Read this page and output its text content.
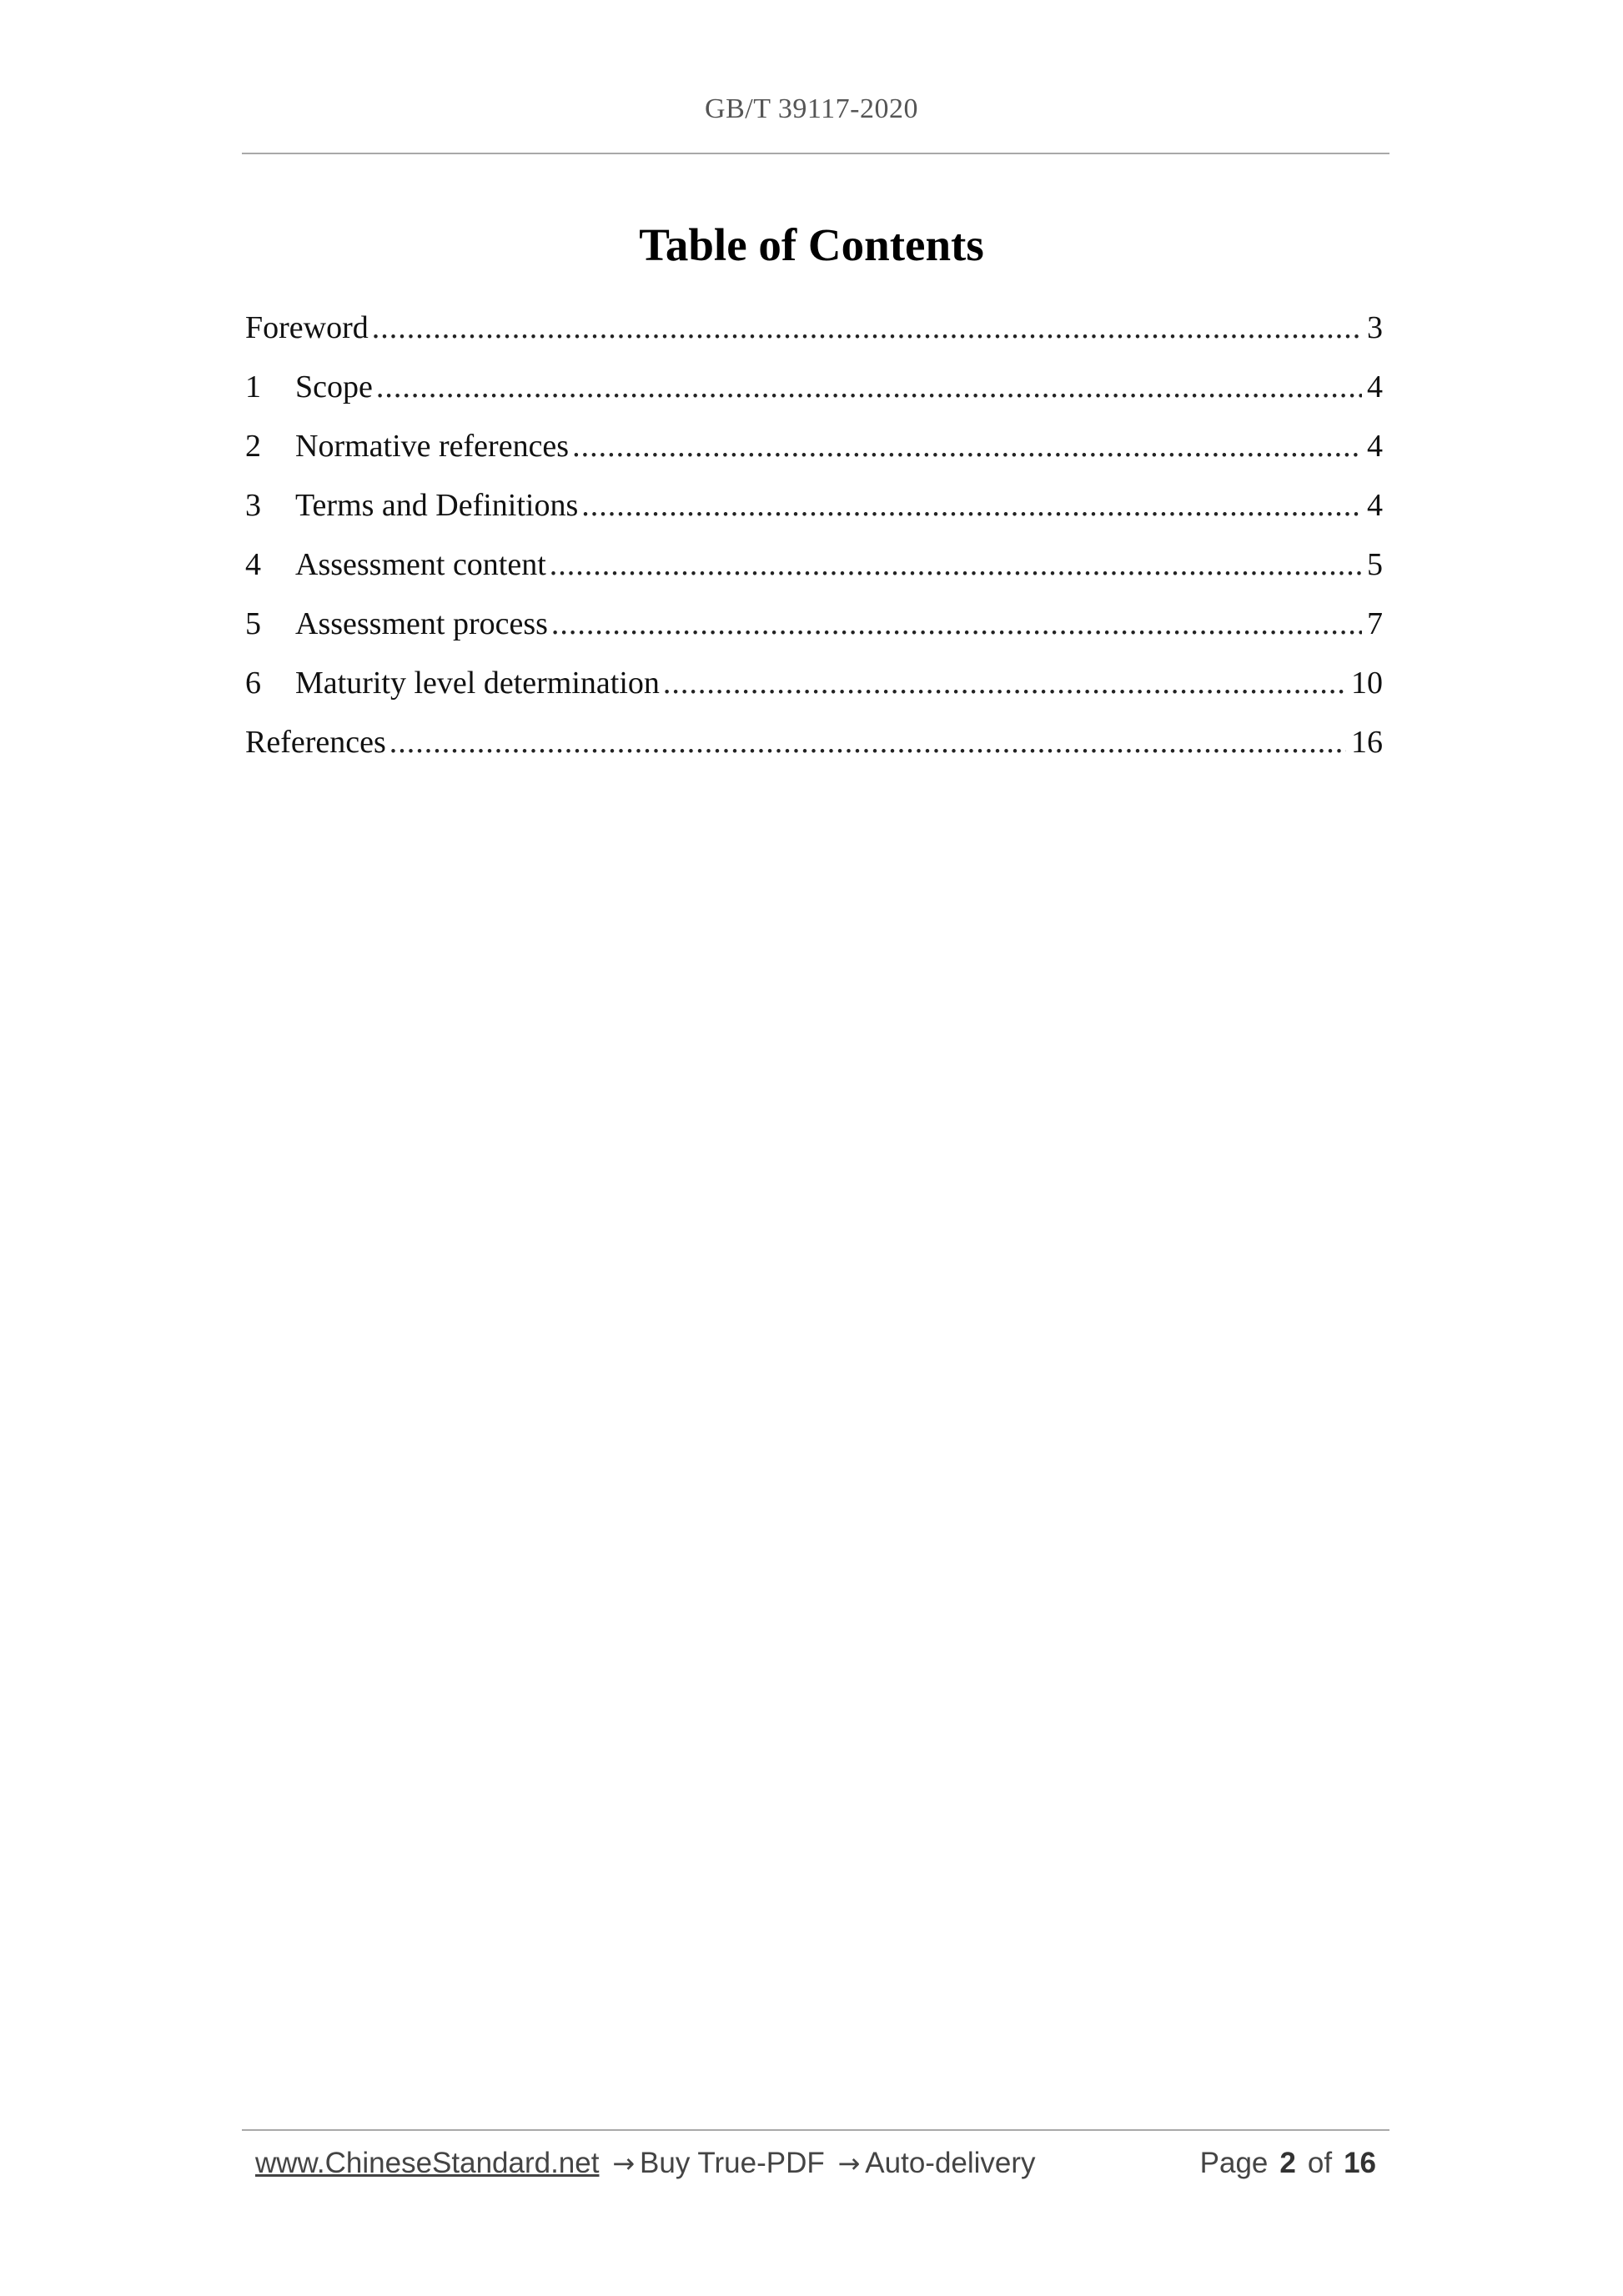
GB/T 39117-2020
Table of Contents
Foreword .....	3
1	Scope .....	4
2	Normative references .....	4
3	Terms and Definitions .....	4
4	Assessment content .....	5
5	Assessment process .....	7
6	Maturity level determination .....	10
References .....	16
www.ChineseStandard.net → Buy True-PDF → Auto-delivery	Page 2 of 16
